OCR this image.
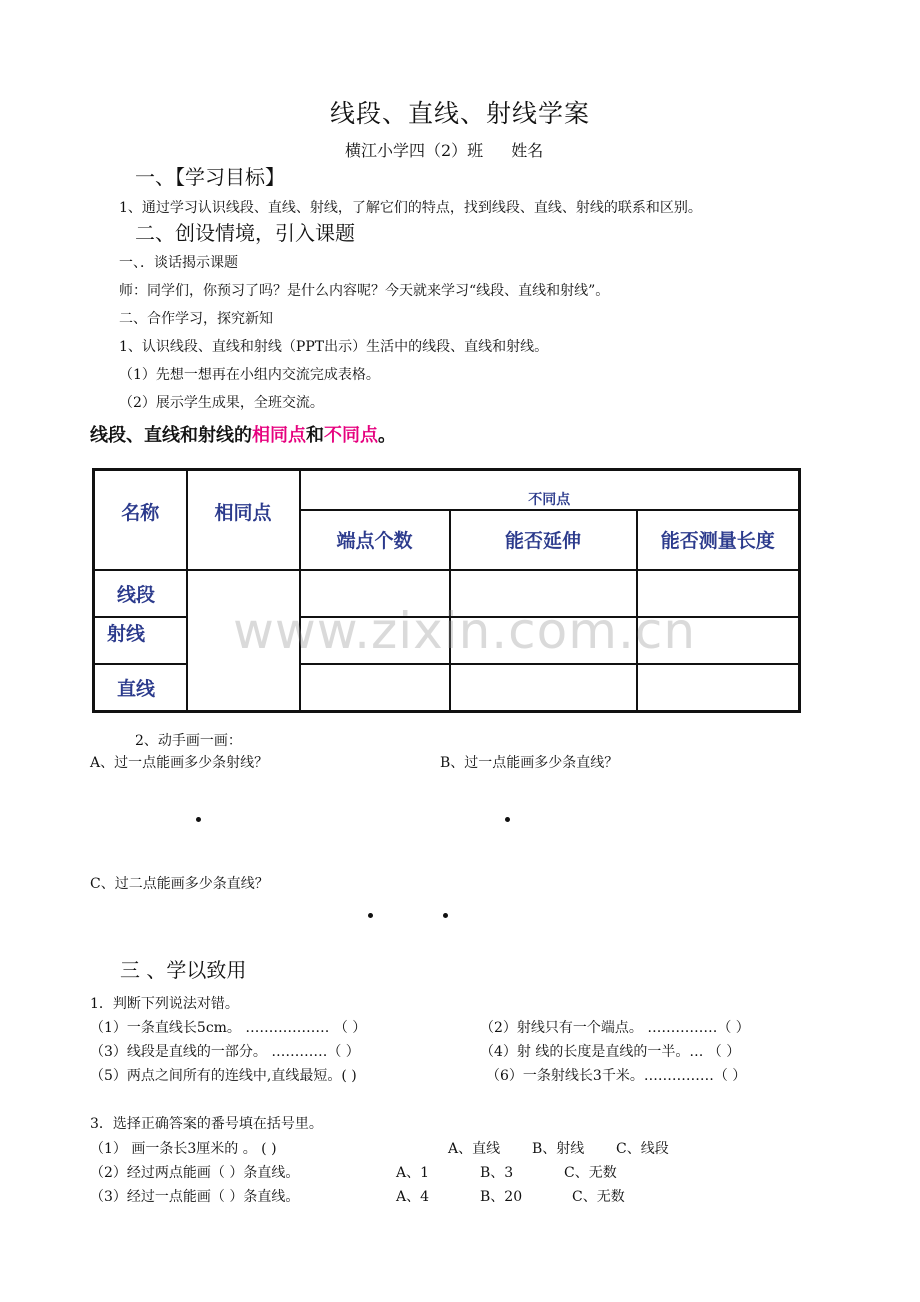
线段、直线、射线学案
横江小学四（2）班 姓名
一、【学习目标】
1、通过学习认识线段、直线、射线，了解它们的特点，找到线段、直线、射线的联系和区别。
二、创设情境，引入课题
一、．谈话揭示课题
师：同学们，你预习了吗？是什么内容呢？今天就来学习“线段、直线和射线”。
二、合作学习，探究新知
1、认识线段、直线和射线（PPT出示）生活中的线段、直线和射线。
（1）先想一想再在小组内交流完成表格。
（2）展示学生成果，全班交流。
线段、直线和射线的相同点和不同点。
名称	相同点	不同点		
		端点个数	能否延伸	能否测量长度
线段				
射线				
直线				
www.zixin.com.cn
2、动手画一画：
A、过一点能画多少条射线？	B、过一点能画多少条直线？
C、过二点能画多少条直线？
三 、学以致用
1．判断下列说法对错。
（1）一条直线长5cm。 ……………… （ ）	（2）射线只有一个端点。 ……………（ ）
（3）线段是直线的一部分。 …………（ ）	（4）射 线的长度是直线的一半。… （ ）
（5）两点之间所有的连线中,直线最短。( )	（6）一条射线长3千米。……………（ ）
3．选择正确答案的番号填在括号里。
（1） 画一条长3厘米的 。 ( )	A、直线 B、射线 C、线段
（2）经过两点能画（ ）条直线。	A、1	B、3	C、无数
（3）经过一点能画（ ）条直线。	A、4	B、20	C、无数
